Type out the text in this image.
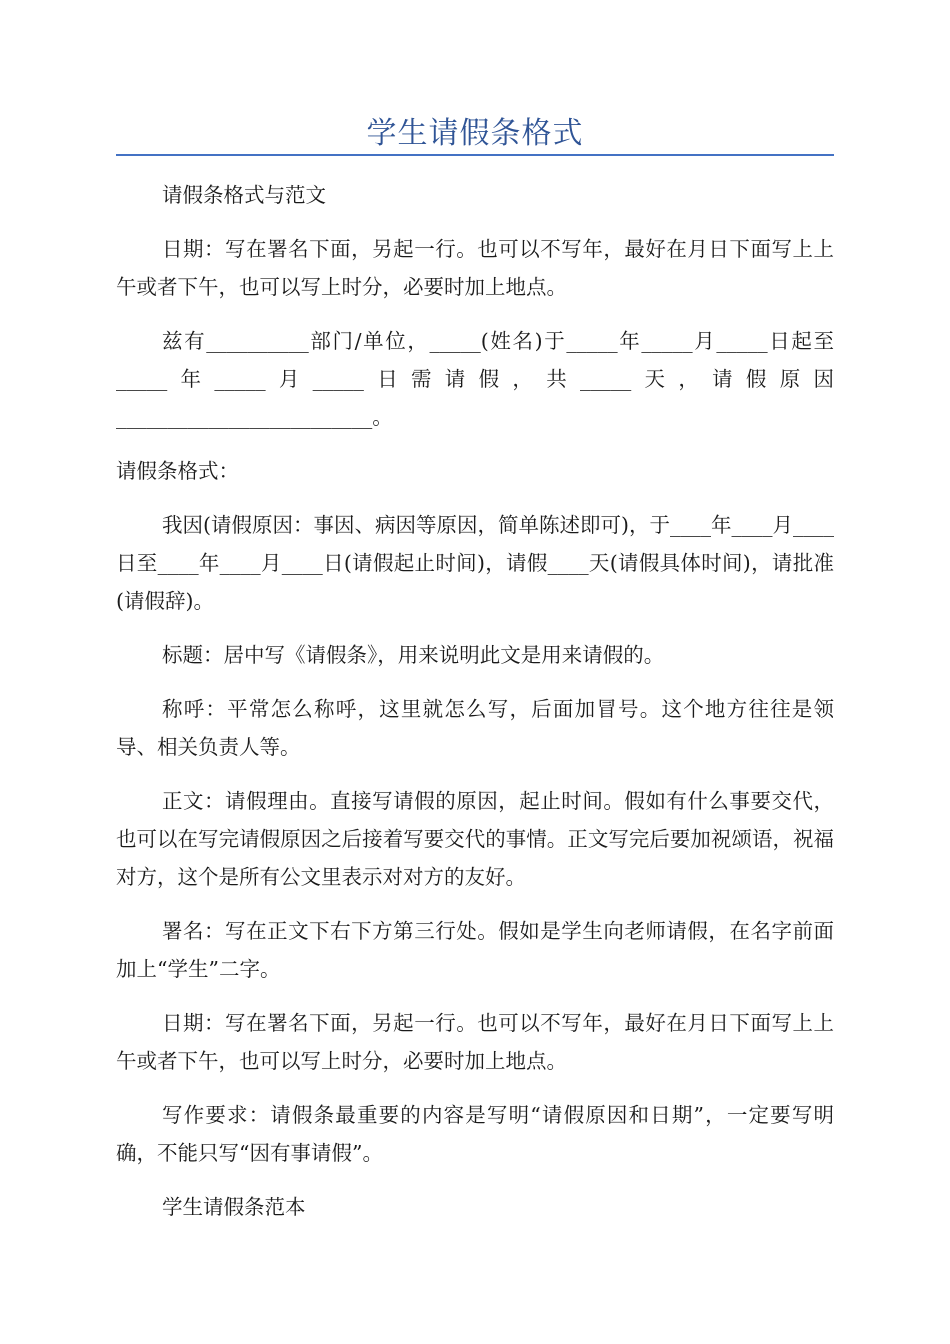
学生请假条格式

请假条格式与范文

日期：写在署名下面，另起一行。也可以不写年，最好在月日下面写上上午或者下午，也可以写上时分，必要时加上地点。

兹有__________部门/单位，_____(姓名)于_____年_____月_____日起至_____年_____月_____日需请假，共_____天，请假原因_________________________。

请假条格式：

我因(请假原因：事因、病因等原因，简单陈述即可)，于____年____月____日至____年____月____日(请假起止时间)，请假____天(请假具体时间)，请批准(请假辞)。

标题：居中写《请假条》，用来说明此文是用来请假的。

称呼：平常怎么称呼，这里就怎么写，后面加冒号。这个地方往往是领导、相关负责人等。

正文：请假理由。直接写请假的原因，起止时间。假如有什么事要交代，也可以在写完请假原因之后接着写要交代的事情。正文写完后要加祝颂语，祝福对方，这个是所有公文里表示对对方的友好。

署名：写在正文下右下方第三行处。假如是学生向老师请假，在名字前面加上“学生”二字。

日期：写在署名下面，另起一行。也可以不写年，最好在月日下面写上上午或者下午，也可以写上时分，必要时加上地点。

写作要求：请假条最重要的内容是写明“请假原因和日期”，一定要写明确，不能只写“因有事请假”。

学生请假条范本
